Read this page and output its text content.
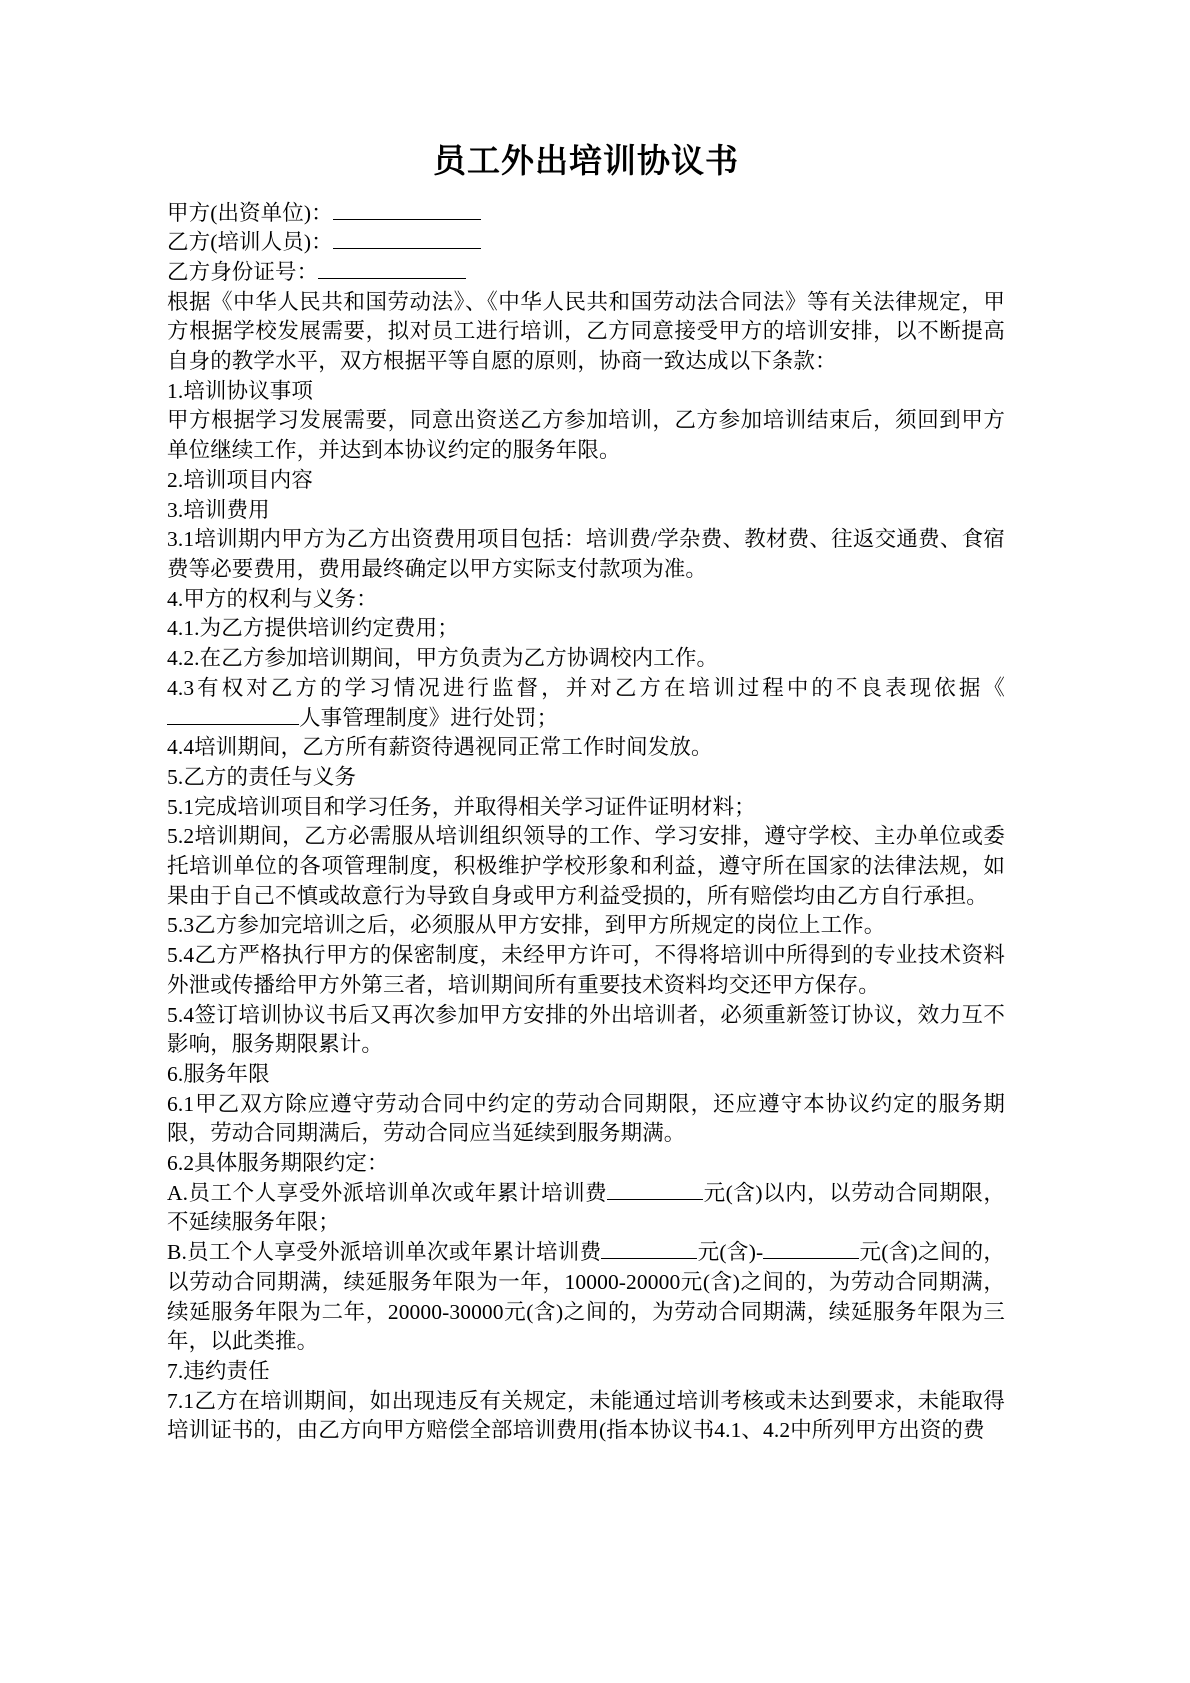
员工外出培训协议书

甲方(出资单位)：

乙方(培训人员)：

乙方身份证号：

根据《中华人民共和国劳动法》、《中华人民共和国劳动法合同法》等有关法律规定，甲方根据学校发展需要，拟对员工进行培训，乙方同意接受甲方的培训安排，以不断提高自身的教学水平，双方根据平等自愿的原则，协商一致达成以下条款：

1.培训协议事项

甲方根据学习发展需要，同意出资送乙方参加培训，乙方参加培训结束后，须回到甲方单位继续工作，并达到本协议约定的服务年限。

2.培训项目内容

3.培训费用

3.1培训期内甲方为乙方出资费用项目包括：培训费/学杂费、教材费、往返交通费、食宿费等必要费用，费用最终确定以甲方实际支付款项为准。

4.甲方的权利与义务：

4.1.为乙方提供培训约定费用；

4.2.在乙方参加培训期间，甲方负责为乙方协调校内工作。

4.3有权对乙方的学习情况进行监督，并对乙方在培训过程中的不良表现依据《人事管理制度》进行处罚；

4.4培训期间，乙方所有薪资待遇视同正常工作时间发放。

5.乙方的责任与义务

5.1完成培训项目和学习任务，并取得相关学习证件证明材料；

5.2培训期间，乙方必需服从培训组织领导的工作、学习安排，遵守学校、主办单位或委托培训单位的各项管理制度，积极维护学校形象和利益，遵守所在国家的法律法规，如果由于自己不慎或故意行为导致自身或甲方利益受损的，所有赔偿均由乙方自行承担。

5.3乙方参加完培训之后，必须服从甲方安排，到甲方所规定的岗位上工作。

5.4乙方严格执行甲方的保密制度，未经甲方许可，不得将培训中所得到的专业技术资料外泄或传播给甲方外第三者，培训期间所有重要技术资料均交还甲方保存。

5.4签订培训协议书后又再次参加甲方安排的外出培训者，必须重新签订协议，效力互不影响，服务期限累计。

6.服务年限

6.1甲乙双方除应遵守劳动合同中约定的劳动合同期限，还应遵守本协议约定的服务期限，劳动合同期满后，劳动合同应当延续到服务期满。

6.2具体服务期限约定：

A.员工个人享受外派培训单次或年累计培训费	元(含)以内，以劳动合同期限，不延续服务年限；

B.员工个人享受外派培训单次或年累计培训费	元(含)-	元(含)之间的，以劳动合同期满，续延服务年限为一年，10000-20000元(含)之间的，为劳动合同期满，续延服务年限为二年，20000-30000元(含)之间的，为劳动合同期满，续延服务年限为三年，以此类推。

7.违约责任

7.1乙方在培训期间，如出现违反有关规定，未能通过培训考核或未达到要求，未能取得培训证书的，由乙方向甲方赔偿全部培训费用(指本协议书4.1、4.2中所列甲方出资的费
